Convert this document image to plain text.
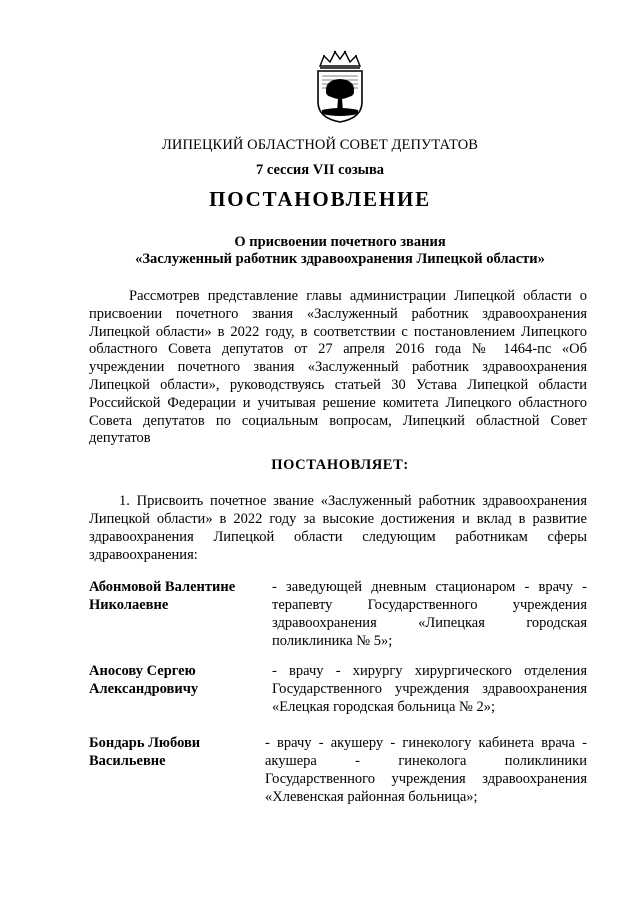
ЛИПЕЦКИЙ ОБЛАСТНОЙ СОВЕТ ДЕПУТАТОВ
7 сессия VII созыва
ПОСТАНОВЛЕНИЕ
О присвоении почетного звания
«Заслуженный работник здравоохранения Липецкой области»

Рассмотрев представление главы администрации Липецкой области о присвоении почетного звания «Заслуженный работник здравоохранения Липецкой области» в 2022 году, в соответствии с постановлением Липецкого областного Совета депутатов от 27 апреля 2016 года № 1464-пс «Об учреждении почетного звания «Заслуженный работник здравоохранения Липецкой области», руководствуясь статьей 30 Устава Липецкой области Российской Федерации и учитывая решение комитета Липецкого областного Совета депутатов по социальным вопросам, Липецкий областной Совет депутатов

ПОСТАНОВЛЯЕТ:

1. Присвоить почетное звание «Заслуженный работник здравоохранения Липецкой области» в 2022 году за высокие достижения и вклад в развитие здравоохранения Липецкой области следующим работникам сферы здравоохранения:

Абонмовой Валентине
Николаевне

- заведующей дневным стационаром - врачу - терапевту Государственного учреждения здравоохранения «Липецкая городская поликлиника № 5»;

Аносову Сергею
Александровичу

- врачу - хирургу хирургического отделения Государственного учреждения здравоохранения «Елецкая городская больница № 2»;

Бондарь Любови
Васильевне

- врачу - акушеру - гинекологу кабинета врача - акушера - гинеколога поликлиники Государственного учреждения здравоохранения «Хлевенская районная больница»;
